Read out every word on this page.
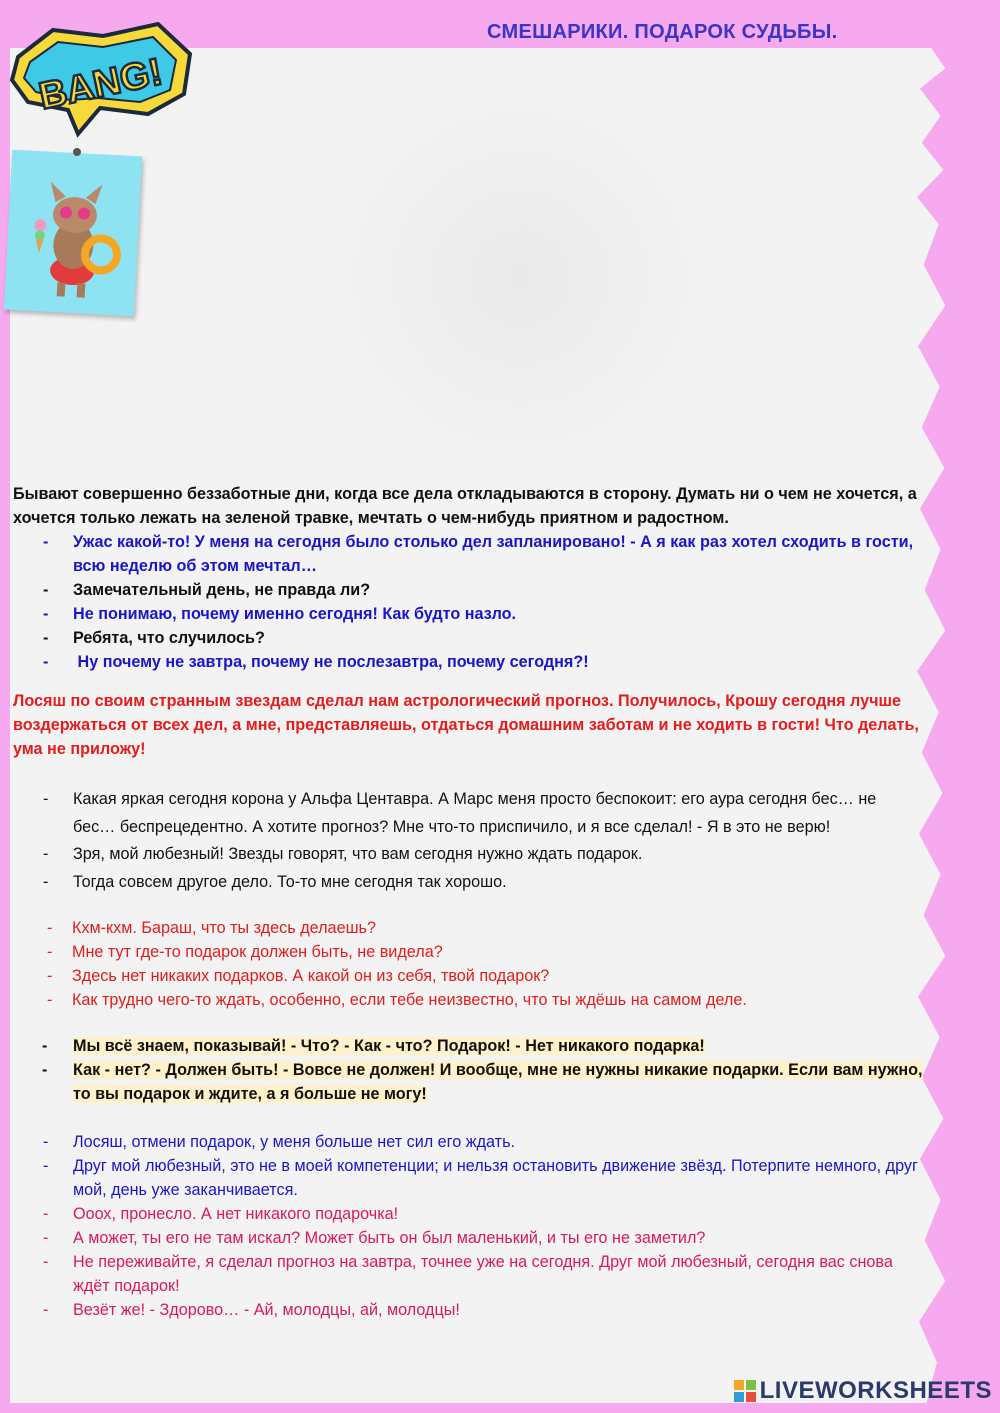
СМЕШАРИКИ. ПОДАРОК СУДЬБЫ.
BANG!

Бывают совершенно беззаботные дни, когда все дела откладываются в сторону. Думать ни о чем не хочется, а хочется только лежать на зеленой травке, мечтать о чем-нибудь приятном и радостном.

- Ужас какой-то! У меня на сегодня было столько дел запланировано! - А я как раз хотел сходить в гости, всю неделю об этом мечтал…
- Замечательный день, не правда ли?
- Не понимаю, почему именно сегодня! Как будто назло.
- Ребята, что случилось?
- Ну почему не завтра, почему не послезавтра, почему сегодня?!

Лосяш по своим странным звездам сделал нам астрологический прогноз. Получилось, Крошу сегодня лучше воздержаться от всех дел, а мне, представляешь, отдаться домашним заботам и не ходить в гости! Что делать, ума не приложу!

- Какая яркая сегодня корона у Альфа Центавра. А Марс меня просто беспокоит: его аура сегодня бес… не бес… беспрецедентно. А хотите прогноз? Мне что-то приспичило, и я все сделал! - Я в это не верю!
- Зря, мой любезный! Звезды говорят, что вам сегодня нужно ждать подарок.
- Тогда совсем другое дело. То-то мне сегодня так хорошо.
- Кхм-кхм. Бараш, что ты здесь делаешь?
- Мне тут где-то подарок должен быть, не видела?
- Здесь нет никаких подарков. А какой он из себя, твой подарок?
- Как трудно чего-то ждать, особенно, если тебе неизвестно, что ты ждёшь на самом деле.
- Мы всё знаем, показывай! - Что? - Как - что? Подарок! - Нет никакого подарка!
- Как - нет? - Должен быть! - Вовсе не должен! И вообще, мне не нужны никакие подарки. Если вам нужно, то вы подарок и ждите, а я больше не могу!
- Лосяш, отмени подарок, у меня больше нет сил его ждать.
- Друг мой любезный, это не в моей компетенции; и нельзя остановить движение звёзд. Потерпите немного, друг мой, день уже заканчивается.
- Ооох, пронесло. А нет никакого подарочка!
- А может, ты его не там искал? Может быть он был маленький, и ты его не заметил?
- Не переживайте, я сделал прогноз на завтра, точнее уже на сегодня. Друг мой любезный, сегодня вас снова ждёт подарок!
- Везёт же! - Здорово… - Ай, молодцы, ай, молодцы!
LIVEWORKSHEETS
